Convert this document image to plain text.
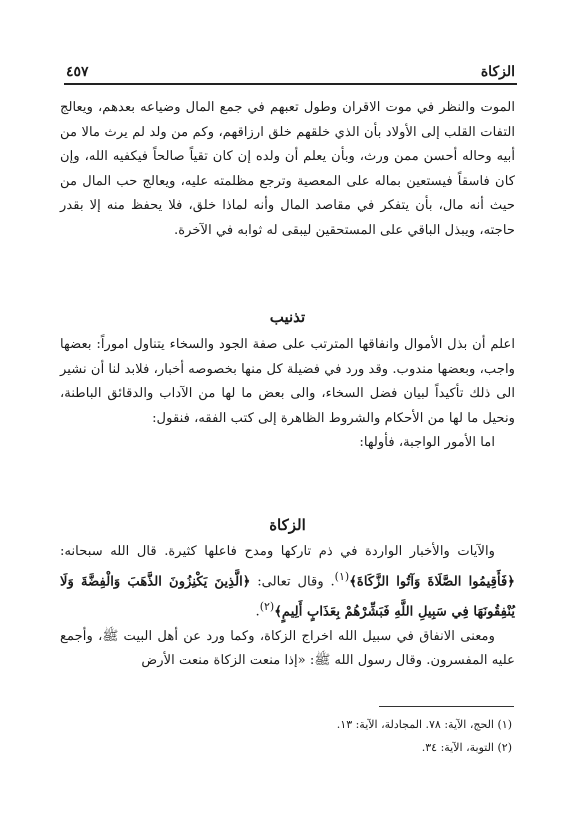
الزكاة
٤٥٧

الموت والنظر في موت الاقران وطول تعبهم في جمع المال وضياعه بعدهم، ويعالج التفات القلب إلى الأولاد بأن الذي خلقهم خلق ارزاقهم، وكم من ولد لم يرث مالا من أبيه وحاله أحسن ممن ورث، وبأن يعلم أن ولده إن كان تقياً صالحاً فيكفيه الله، وإن كان فاسقاً فيستعين بماله على المعصية وترجع مظلمته عليه، ويعالج حب المال من حيث أنه مال، بأن يتفكر في مقاصد المال وأنه لماذا خلق، فلا يحفظ منه إلا بقدر حاجته، ويبذل الباقي على المستحقين ليبقى له ثوابه في الآخرة.

تذنيب

اعلم أن بذل الأموال وانفاقها المترتب على صفة الجود والسخاء يتناول اموراً: بعضها واجب، وبعضها مندوب. وقد ورد في فضيلة كل منها بخصوصه أخبار، فلابد لنا أن نشير الى ذلك تأكيداً لبيان فضل السخاء، والى بعض ما لها من الآداب والدقائق الباطنة، ونحيل ما لها من الأحكام والشروط الظاهرة إلى كتب الفقه، فنقول:

اما الأمور الواجبة، فأولها:

الزكاة

والآيات والأخبار الواردة في ذم تاركها ومدح فاعلها كثيرة. قال الله سبحانه: ﴿فَأَقِيمُوا الصَّلَاةَ وَآتُوا الزَّكَاةَ﴾$^{(١)}$. وقال تعالى: ﴿الَّذِينَ يَكْنِزُونَ الذَّهَبَ وَالْفِضَّةَ وَلَا يُنْفِقُونَهَا فِي سَبِيلِ اللَّهِ فَبَشِّرْهُمْ بِعَذَابٍ أَلِيمٍ﴾$^{(٢)}$.

ومعنى الانفاق في سبيل الله اخراج الزكاة، وكما ورد عن أهل البيت ﷺ، وأجمع عليه المفسرون. وقال رسول الله ﷺ: «إذا منعت الزكاة منعت الأرض

(١) الحج، الآية: ٧٨. المجادلة، الآية: ١٣.
(٢) التوبة، الآية: ٣٤.
